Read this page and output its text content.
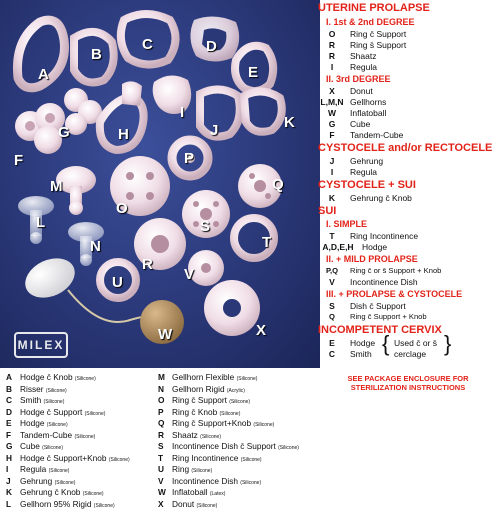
A
B
C	D
E
F
G	H
I
J	K
L
M
N
O
P
Q
R
S
T
U	V
W	X
MILEX
UTERINE PROLAPSE
I. 1st & 2nd DEGREE
O	Ring c̄ Support
R	Ring s̄ Support
R	Shaatz
I	Regula
II. 3rd DEGREE
X	Donut
L,M,N Gellhorns
W	Inflatoball
G	Cube
F	Tandem-Cube
CYSTOCELE and/or RECTOCELE
J	Gehrung
I	Regula
CYSTOCELE + SUI
K	Gehrung c̄ Knob
SUI
I. SIMPLE
T	Ring Incontinence
A,D,E,H Hodge
II. + MILD PROLAPSE
P,Q	Ring c̄ or s̄ Support + Knob
V	Incontinence Dish
III. + PROLAPSE & CYSTOCELE
S	Dish c̄ Support
Q	Ring c̄ Support + Knob
INCOMPETENT CERVIX
E	Hodge
C	Smith { Used c̄ or s̄
cerclage }
SEE PACKAGE ENCLOSURE FOR
STERILIZATION INSTRUCTIONS
A Hodge c̄ Knob (Silicone)
B Risser (Silicone)
C Smith (Silicone)
D Hodge c̄ Support (Silicone)
E Hodge (Silicone)
F Tandem-Cube (Silicone)
G Cube (Silicone)
H Hodge c̄ Support+Knob (Silicone)
I Regula (Silicone)
J Gehrung (Silicone)
K Gehrung c̄ Knob (Silicone)
L Gellhorn 95% Rigid (Silicone)
M Gellhorn Flexible (Silicone)
N Gellhorn Rigid (Acrylic)
O Ring c̄ Support (Silicone)
P Ring c̄ Knob (Silicone)
Q Ring c̄ Support+Knob (Silicone)
R Shaatz (Silicone)
S Incontinence Dish c̄ Support (Silicone)
T Ring Incontinence (Silicone)
U Ring (Silicone)
V Incontinence Dish (Silicone)
W Inflatoball (Latex)
X Donut (Silicone)
